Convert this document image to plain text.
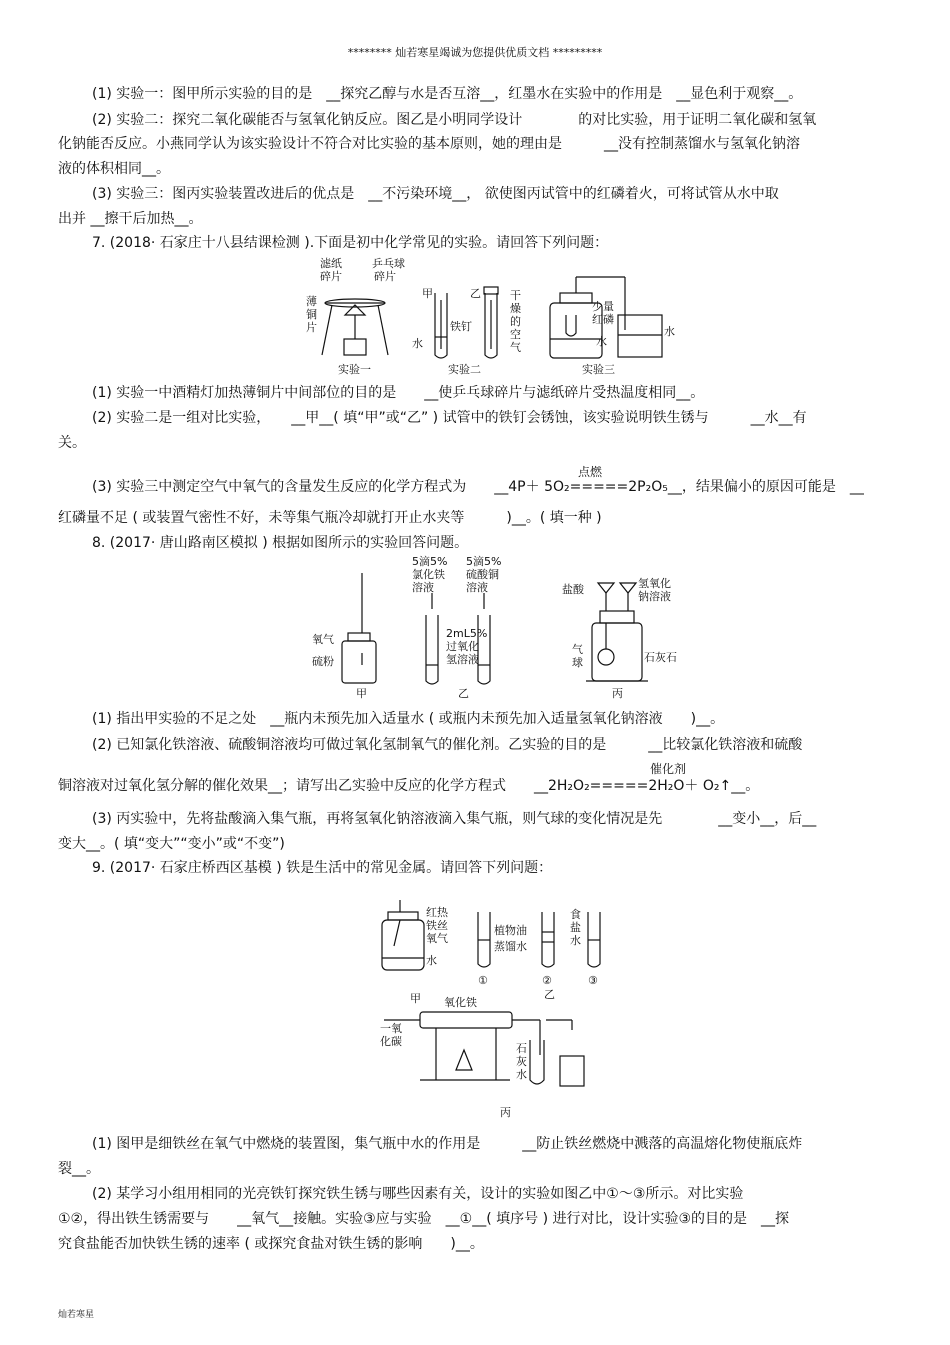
******** 灿若寒星竭诚为您提供优质文档 *********
(1) 实验一：图甲所示实验的目的是　__探究乙醇与水是否互溶__，红墨水在实验中的作用是　__显色利于观察__。
(2) 实验二：探究二氧化碳能否与氢氧化钠反应。图乙是小明同学设计　　　　的对比实验，用于证明二氧化碳和氢氧
化钠能否反应。小燕同学认为该实验设计不符合对比实验的基本原则，她的理由是　　　__没有控制蒸馏水与氢氧化钠溶
液的体积相同__。
(3) 实验三：图丙实验装置改进后的优点是　__不污染环境__， 欲使图丙试管中的红磷着火，可将试管从水中取
出并 __擦干后加热__。
7. (2018· 石家庄十八县结课检测 ).下面是初中化学常见的实验。请回答下列问题：
滤纸
碎片
乒乓球
碎片
薄
铜
片
甲	乙
铁钉
水
干
燥
的
空
气
少量
红磷
水
水
实验一	实验二	实验三
(1) 实验一中酒精灯加热薄铜片中间部位的目的是　　__使乒乓球碎片与滤纸碎片受热温度相同__。
(2) 实验二是一组对比实验，　　__甲__( 填“甲”或“乙” ) 试管中的铁钉会锈蚀，该实验说明铁生锈与　　　__水__有
关。
点燃
(3) 实验三中测定空气中氧气的含量发生反应的化学方程式为　　__4P＋ 5O₂=====2P₂O₅__，结果偏小的原因可能是　__
红磷量不足 ( 或装置气密性不好，未等集气瓶冷却就打开止水夹等　　　)__。( 填一种 )
8. (2017· 唐山路南区模拟 ) 根据如图所示的实验回答问题。
氧气
硫粉
5滴5%
氯化铁
溶液
5滴5%
硫酸铜
溶液
2mL5%
过氧化
氢溶液
盐酸	氢氧化
钠溶液
气
球	石灰石
甲	乙	丙
(1) 指出甲实验的不足之处　__瓶内未预先加入适量水 ( 或瓶内未预先加入适量氢氧化钠溶液　　)__。
(2) 已知氯化铁溶液、硫酸铜溶液均可做过氧化氢制氧气的催化剂。乙实验的目的是　　　__比较氯化铁溶液和硫酸
催化剂
铜溶液对过氧化氢分解的催化效果__；请写出乙实验中反应的化学方程式　　__2H₂O₂=====2H₂O＋ O₂↑__。
(3) 丙实验中，先将盐酸滴入集气瓶，再将氢氧化钠溶液滴入集气瓶，则气球的变化情况是先　　　　__变小__，后__
变大__。( 填“变大”“变小”或“不变”)
9. (2017· 石家庄桥西区基模 ) 铁是生活中的常见金属。请回答下列问题：
红热
铁丝
氧气
水
植物油
蒸馏水
食
盐
水
①	②	③
乙
甲
一氧
化碳
氧化铁
石
灰
水
丙
(1) 图甲是细铁丝在氧气中燃烧的装置图，集气瓶中水的作用是　　　__防止铁丝燃烧中溅落的高温熔化物使瓶底炸
裂__。
(2) 某学习小组用相同的光亮铁钉探究铁生锈与哪些因素有关，设计的实验如图乙中①～③所示。对比实验
①②，得出铁生锈需要与　　__氧气__接触。实验③应与实验　__①__( 填序号 ) 进行对比，设计实验③的目的是　__探
究食盐能否加快铁生锈的速率 ( 或探究食盐对铁生锈的影响　　)__。
灿若寒星
